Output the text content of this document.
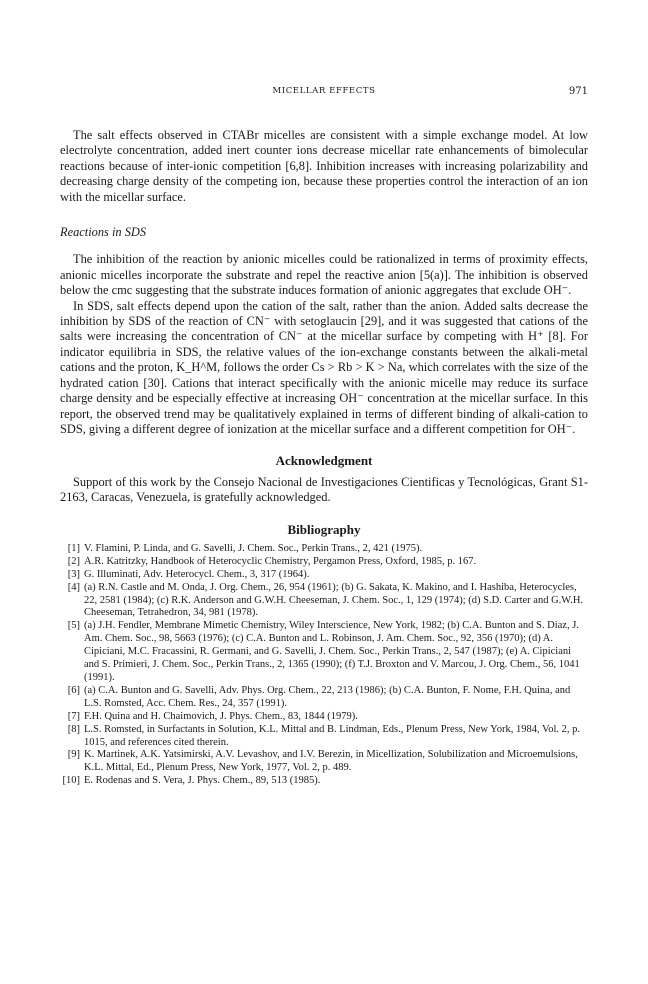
MICELLAR EFFECTS	971

The salt effects observed in CTABr micelles are consistent with a simple exchange model. At low electrolyte concentration, added inert counter ions decrease micellar rate enhancements of bimolecular reactions because of inter-ionic competition [6,8]. Inhibition increases with increasing polarizability and decreasing charge density of the competing ion, because these properties control the interaction of an ion with the micellar surface.

Reactions in SDS

The inhibition of the reaction by anionic micelles could be rationalized in terms of proximity effects, anionic micelles incorporate the substrate and repel the reactive anion [5(a)]. The inhibition is observed below the cmc suggesting that the substrate induces formation of anionic aggregates that exclude OH⁻.

In SDS, salt effects depend upon the cation of the salt, rather than the anion. Added salts decrease the inhibition by SDS of the reaction of CN⁻ with setoglaucin [29], and it was suggested that cations of the salts were increasing the concentration of CN⁻ at the micellar surface by competing with H⁺ [8]. For indicator equilibria in SDS, the relative values of the ion-exchange constants between the alkali-metal cations and the proton, K_H^M, follows the order Cs > Rb > K > Na, which correlates with the size of the hydrated cation [30]. Cations that interact specifically with the anionic micelle may reduce its surface charge density and be especially effective at increasing OH⁻ concentration at the micellar surface. In this report, the observed trend may be qualitatively explained in terms of different binding of alkali-cation to SDS, giving a different degree of ionization at the micellar surface and a different competition for OH⁻.

Acknowledgment

Support of this work by the Consejo Nacional de Investigaciones Cientificas y Tecnológicas, Grant S1-2163, Caracas, Venezuela, is gratefully acknowledged.

Bibliography
[1] V. Flamini, P. Linda, and G. Savelli, J. Chem. Soc., Perkin Trans., 2, 421 (1975).
[2] A.R. Katritzky, Handbook of Heterocyclic Chemistry, Pergamon Press, Oxford, 1985, p. 167.
[3] G. Illuminati, Adv. Heterocycl. Chem., 3, 317 (1964).
[4] (a) R.N. Castle and M. Onda, J. Org. Chem., 26, 954 (1961); (b) G. Sakata, K. Makino, and I. Hashiba, Heterocycles, 22, 2581 (1984); (c) R.K. Anderson and G.W.H. Cheeseman, J. Chem. Soc., 1, 129 (1974); (d) S.D. Carter and G.W.H. Cheeseman, Tetrahedron, 34, 981 (1978).
[5] (a) J.H. Fendler, Membrane Mimetic Chemistry, Wiley Interscience, New York, 1982; (b) C.A. Bunton and S. Diaz, J. Am. Chem. Soc., 98, 5663 (1976); (c) C.A. Bunton and L. Robinson, J. Am. Chem. Soc., 92, 356 (1970); (d) A. Cipiciani, M.C. Fracassini, R. Germani, and G. Savelli, J. Chem. Soc., Perkin Trans., 2, 547 (1987); (e) A. Cipiciani and S. Primieri, J. Chem. Soc., Perkin Trans., 2, 1365 (1990); (f) T.J. Broxton and V. Marcou, J. Org. Chem., 56, 1041 (1991).
[6] (a) C.A. Bunton and G. Savelli, Adv. Phys. Org. Chem., 22, 213 (1986); (b) C.A. Bunton, F. Nome, F.H. Quina, and L.S. Romsted, Acc. Chem. Res., 24, 357 (1991).
[7] F.H. Quina and H. Chaimovich, J. Phys. Chem., 83, 1844 (1979).
[8] L.S. Romsted, in Surfactants in Solution, K.L. Mittal and B. Lindman, Eds., Plenum Press, New York, 1984, Vol. 2, p. 1015, and references cited therein.
[9] K. Martinek, A.K. Yatsimirski, A.V. Levashov, and I.V. Berezin, in Micellization, Solubilization and Microemulsions, K.L. Mittal, Ed., Plenum Press, New York, 1977, Vol. 2, p. 489.
[10] E. Rodenas and S. Vera, J. Phys. Chem., 89, 513 (1985).
